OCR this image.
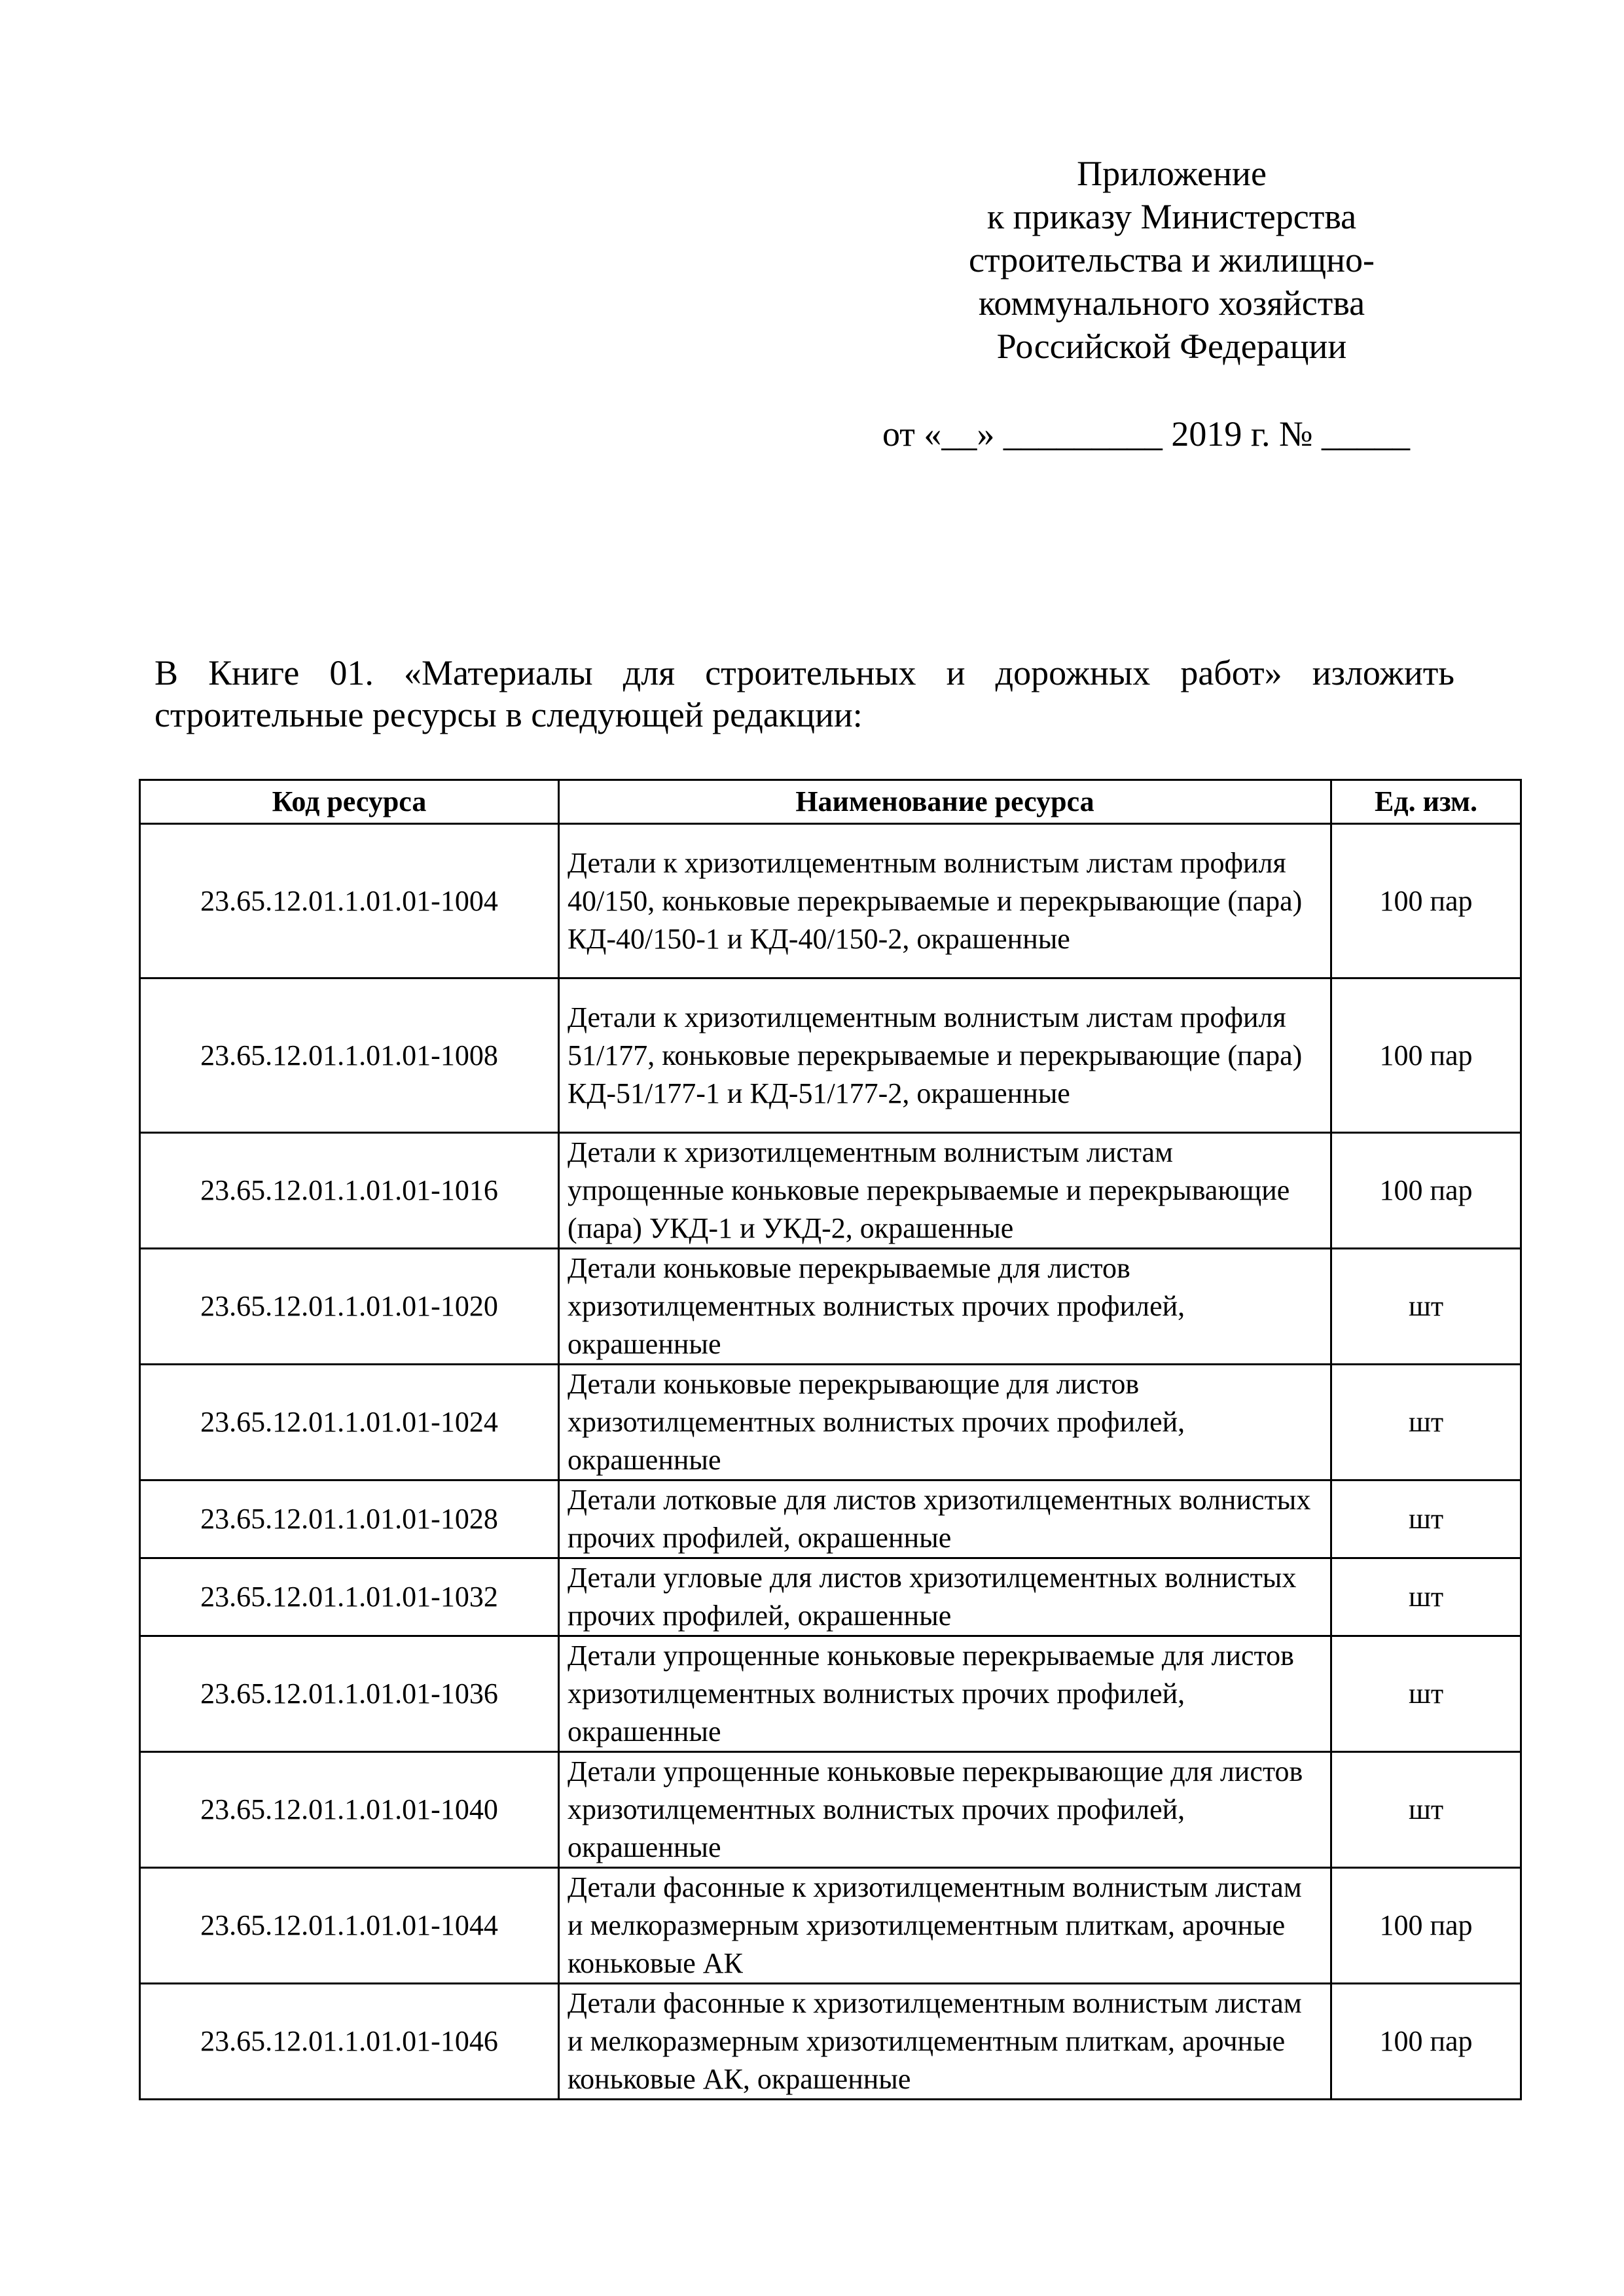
Приложение
к приказу Министерства
строительства и жилищно-
коммунального хозяйства
Российской Федерации
от «__» _________ 2019 г. № _____

В Книге 01. «Материалы для строительных и дорожных работ» изложить строительные ресурсы в следующей редакции:

Код ресурса	Наименование ресурса	Ед. изм.
23.65.12.01.1.01.01-1004	Детали к хризотилцементным волнистым листам профиля 40/150, коньковые перекрываемые и перекрывающие (пара) КД-40/150-1 и КД-40/150-2, окрашенные	100 пар
23.65.12.01.1.01.01-1008	Детали к хризотилцементным волнистым листам профиля 51/177, коньковые перекрываемые и перекрывающие (пара) КД-51/177-1 и КД-51/177-2, окрашенные	100 пар
23.65.12.01.1.01.01-1016	Детали к хризотилцементным волнистым листам упрощенные коньковые перекрываемые и перекрывающие (пара) УКД-1 и УКД-2, окрашенные	100 пар
23.65.12.01.1.01.01-1020	Детали коньковые перекрываемые для листов хризотилцементных волнистых прочих профилей, окрашенные	шт
23.65.12.01.1.01.01-1024	Детали коньковые перекрывающие для листов хризотилцементных волнистых прочих профилей, окрашенные	шт
23.65.12.01.1.01.01-1028	Детали лотковые для листов хризотилцементных волнистых прочих профилей, окрашенные	шт
23.65.12.01.1.01.01-1032	Детали угловые для листов хризотилцементных волнистых прочих профилей, окрашенные	шт
23.65.12.01.1.01.01-1036	Детали упрощенные коньковые перекрываемые для листов хризотилцементных волнистых прочих профилей, окрашенные	шт
23.65.12.01.1.01.01-1040	Детали упрощенные коньковые перекрывающие для листов хризотилцементных волнистых прочих профилей, окрашенные	шт
23.65.12.01.1.01.01-1044	Детали фасонные к хризотилцементным волнистым листам и мелкоразмерным хризотилцементным плиткам, арочные коньковые АК	100 пар
23.65.12.01.1.01.01-1046	Детали фасонные к хризотилцементным волнистым листам и мелкоразмерным хризотилцементным плиткам, арочные коньковые АК, окрашенные	100 пар
